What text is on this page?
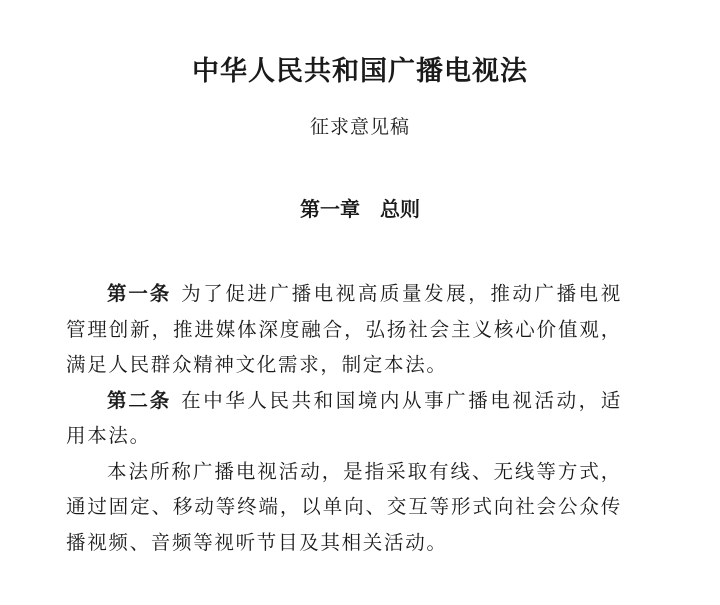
中华人民共和国广播电视法
征求意见稿
第一章　总则

第一条 为了促进广播电视高质量发展，推动广播电视管理创新，推进媒体深度融合，弘扬社会主义核心价值观，满足人民群众精神文化需求，制定本法。

第二条 在中华人民共和国境内从事广播电视活动，适用本法。

本法所称广播电视活动，是指采取有线、无线等方式，通过固定、移动等终端，以单向、交互等形式向社会公众传播视频、音频等视听节目及其相关活动。
